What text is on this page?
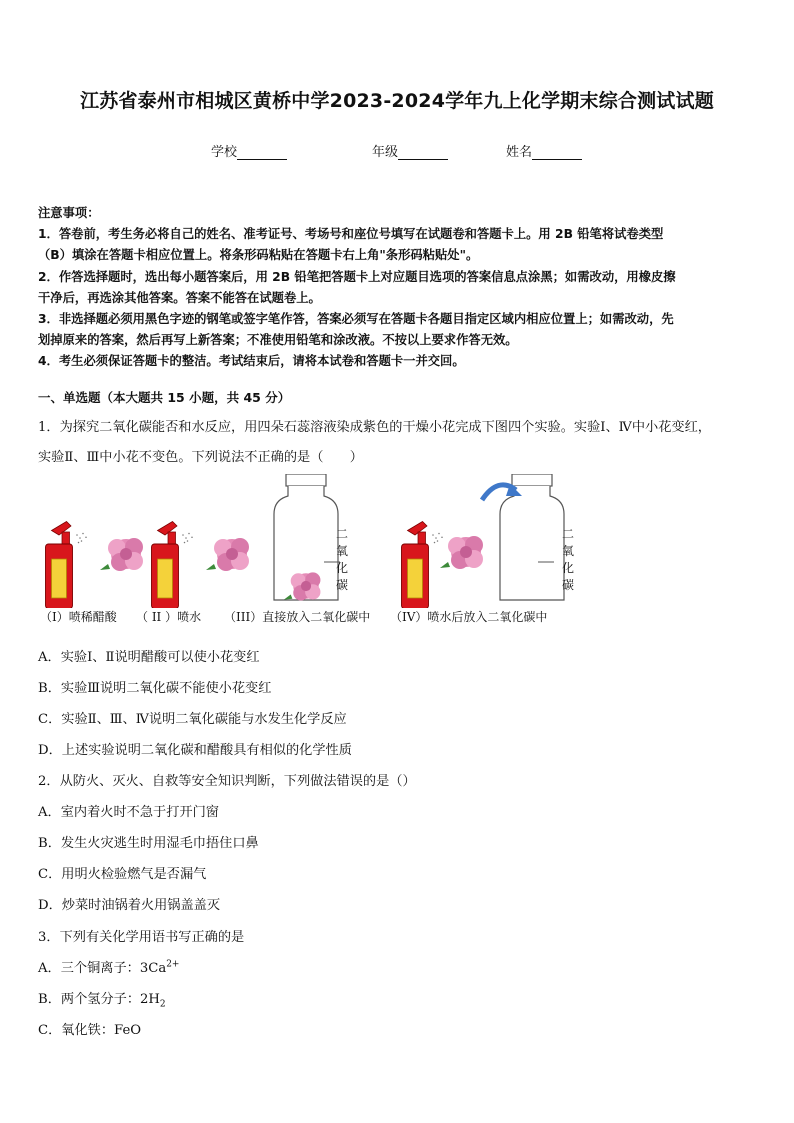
江苏省泰州市相城区黄桥中学2023-2024学年九上化学期末综合测试试题
学校	年级	姓名

注意事项：

1．答卷前，考生务必将自己的姓名、准考证号、考场号和座位号填写在试题卷和答题卡上。用 2B 铅笔将试卷类型

（B）填涂在答题卡相应位置上。将条形码粘贴在答题卡右上角"条形码粘贴处"。

2．作答选择题时，选出每小题答案后，用 2B 铅笔把答题卡上对应题目选项的答案信息点涂黑；如需改动，用橡皮擦

干净后，再选涂其他答案。答案不能答在试题卷上。

3．非选择题必须用黑色字迹的钢笔或签字笔作答，答案必须写在答题卡各题目指定区域内相应位置上；如需改动，先

划掉原来的答案，然后再写上新答案；不准使用铅笔和涂改液。不按以上要求作答无效。

4．考生必须保证答题卡的整洁。考试结束后，请将本试卷和答题卡一并交回。

一、单选题（本大题共 15 小题，共 45 分）
1．为探究二氧化碳能否和水反应，用四朵石蕊溶液染成紫色的干燥小花完成下图四个实验。实验Ⅰ、Ⅳ中小花变红，
实验Ⅱ、Ⅲ中小花不变色。下列说法不正确的是（　　）
二氧化碳
二氧化碳
（I）喷稀醋酸 （ II ）喷水 （III）直接放入二氧化碳中 （IV）喷水后放入二氧化碳中
A．实验Ⅰ、Ⅱ说明醋酸可以使小花变红
B．实验Ⅲ说明二氧化碳不能使小花变红
C．实验Ⅱ、Ⅲ、Ⅳ说明二氧化碳能与水发生化学反应
D．上述实验说明二氧化碳和醋酸具有相似的化学性质
2．从防火、灭火、自救等安全知识判断，下列做法错误的是（）
A．室内着火时不急于打开门窗
B．发生火灾逃生时用湿毛巾捂住口鼻
C．用明火检验燃气是否漏气
D．炒菜时油锅着火用锅盖盖灭
3．下列有关化学用语书写正确的是
A．三个铜离子：$3Ca^{2+}$
B．两个氢分子：$2H_2$
C．氧化铁：FeO
